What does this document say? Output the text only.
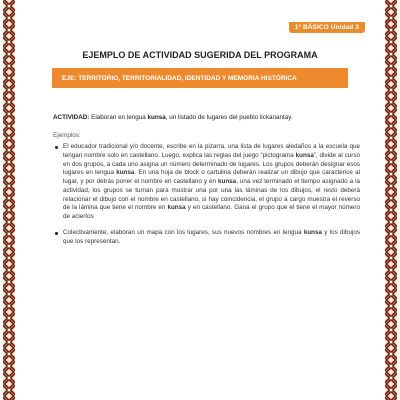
1° BÁSICO Unidad 3
EJEMPLO DE ACTIVIDAD SUGERIDA DEL PROGRAMA
EJE: TERRITORIO, TERRITORIALIDAD, IDENTIDAD Y MEMORIA HISTÓRICA

ACTIVIDAD: Elaboran en lengua kunsa, un listado de lugares del pueblo lickanantay.

Ejemplos:
El educador tradicional y/o docente, escribe en la pizarra, una lista de lugares aledaños a la escuela que tengan nombre solo en castellano. Luego, explica las reglas del juego “pictograma kunsa”, divide al curso en dos grupos, a cada uno asigna un número determinado de lugares. Los grupos deberán designar esos lugares en lengua kunsa. En una hoja de block o cartulina deberán realizar un dibujo que caracterice al lugar, y por detrás poner el nombre en castellano y en kunsa, una vez terminado el tiempo asignado a la actividad, los grupos se turnan para mostrar una por una las láminas de los dibujos, el resto deberá relacionar el dibujo con el nombre en castellano, si hay coincidencia, el grupo a cargo muestra el reverso de la lámina que tiene el nombre en kunsa y en castellano. Gana el grupo que el tiene el mayor número de aciertos
Colectivamente, elaboran un mapa con los lugares, sus nuevos nombres en lengua kunsa y los dibujos que los representan.
